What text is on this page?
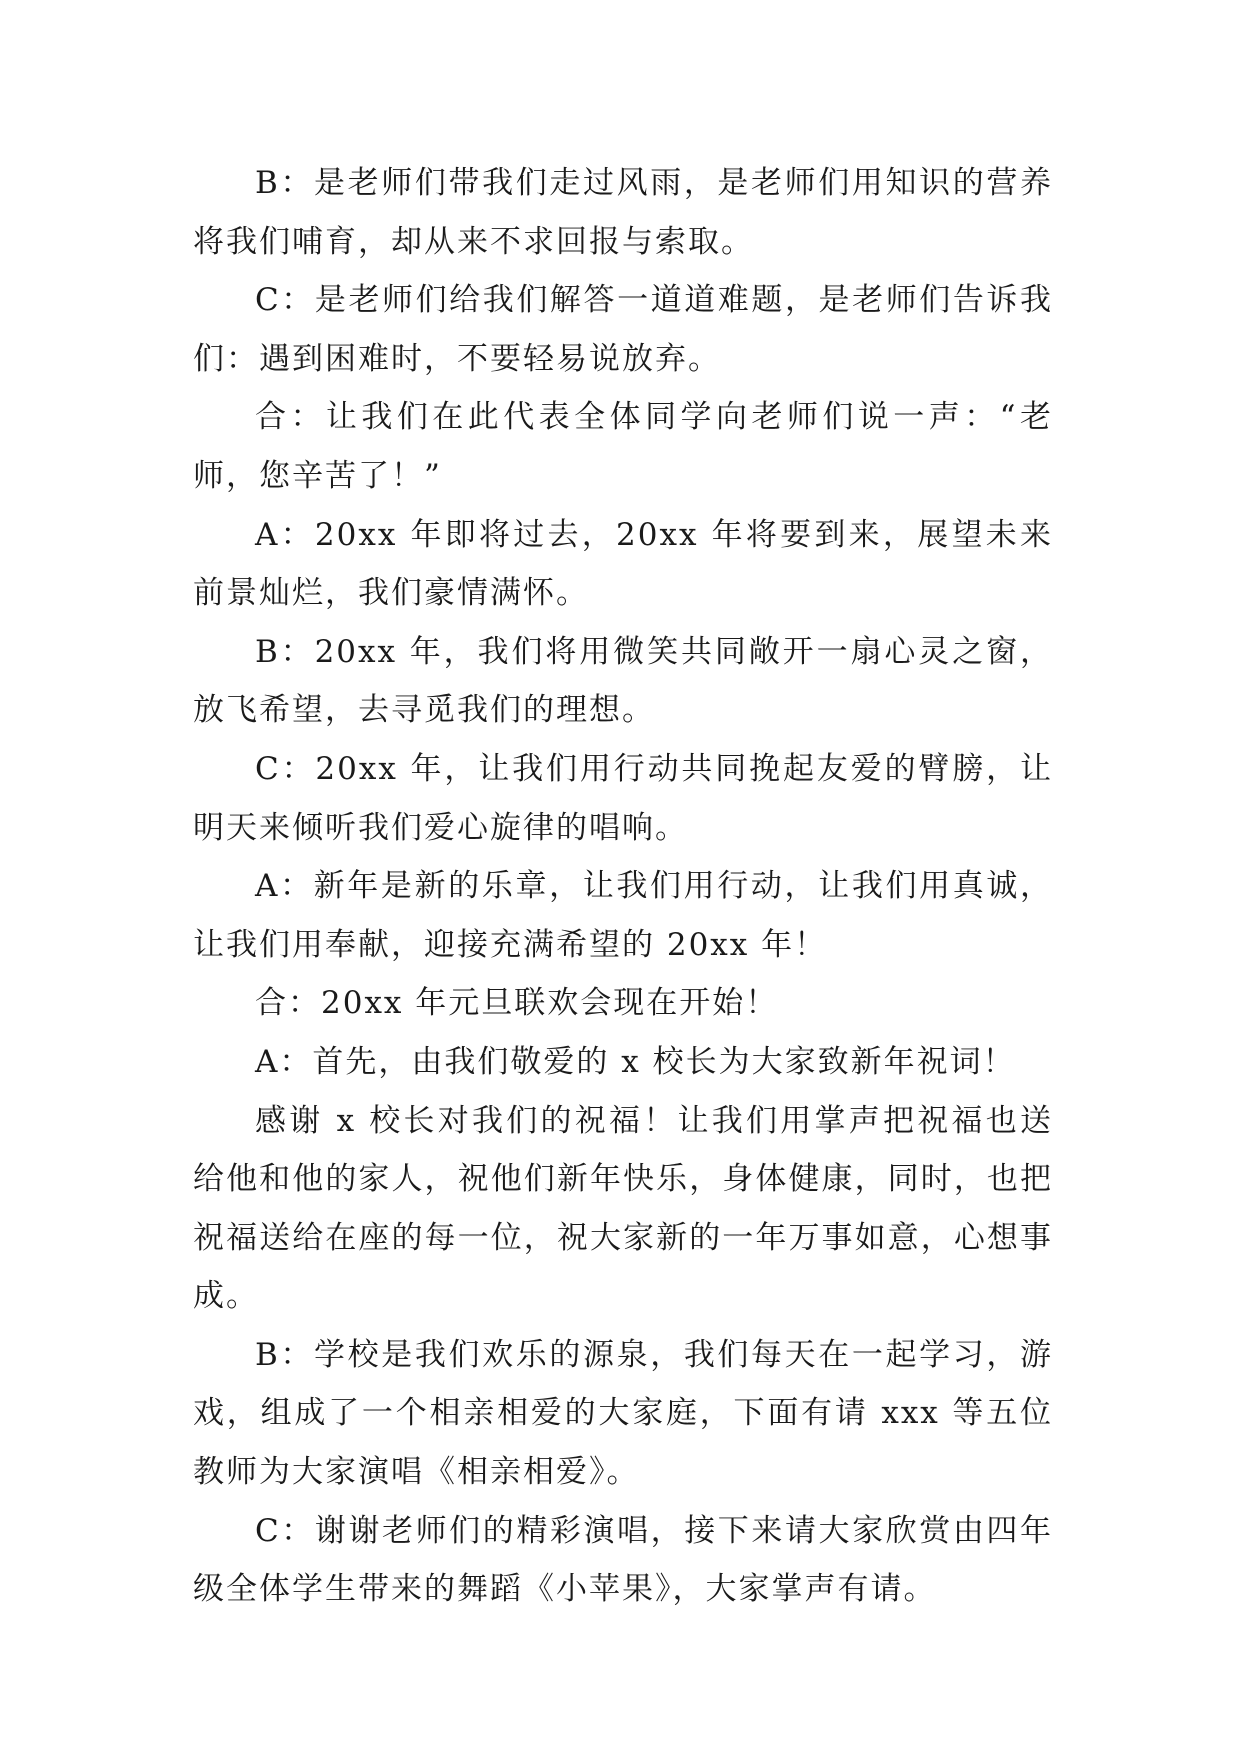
B：是老师们带我们走过风雨，是老师们用知识的营养将我们哺育，却从来不求回报与索取。

C：是老师们给我们解答一道道难题，是老师们告诉我们：遇到困难时，不要轻易说放弃。

合：让我们在此代表全体同学向老师们说一声：“老师，您辛苦了！”

A：20xx 年即将过去，20xx 年将要到来，展望未来前景灿烂，我们豪情满怀。

B：20xx 年，我们将用微笑共同敞开一扇心灵之窗，放飞希望，去寻觅我们的理想。

C：20xx 年，让我们用行动共同挽起友爱的臂膀，让明天来倾听我们爱心旋律的唱响。

A：新年是新的乐章，让我们用行动，让我们用真诚，让我们用奉献，迎接充满希望的 20xx 年！

合：20xx 年元旦联欢会现在开始！

A：首先，由我们敬爱的 x 校长为大家致新年祝词！

感谢 x 校长对我们的祝福！让我们用掌声把祝福也送给他和他的家人，祝他们新年快乐，身体健康，同时，也把祝福送给在座的每一位，祝大家新的一年万事如意，心想事成。

B：学校是我们欢乐的源泉，我们每天在一起学习，游戏，组成了一个相亲相爱的大家庭，下面有请 xxx 等五位教师为大家演唱《相亲相爱》。

C：谢谢老师们的精彩演唱，接下来请大家欣赏由四年级全体学生带来的舞蹈《小苹果》，大家掌声有请。
